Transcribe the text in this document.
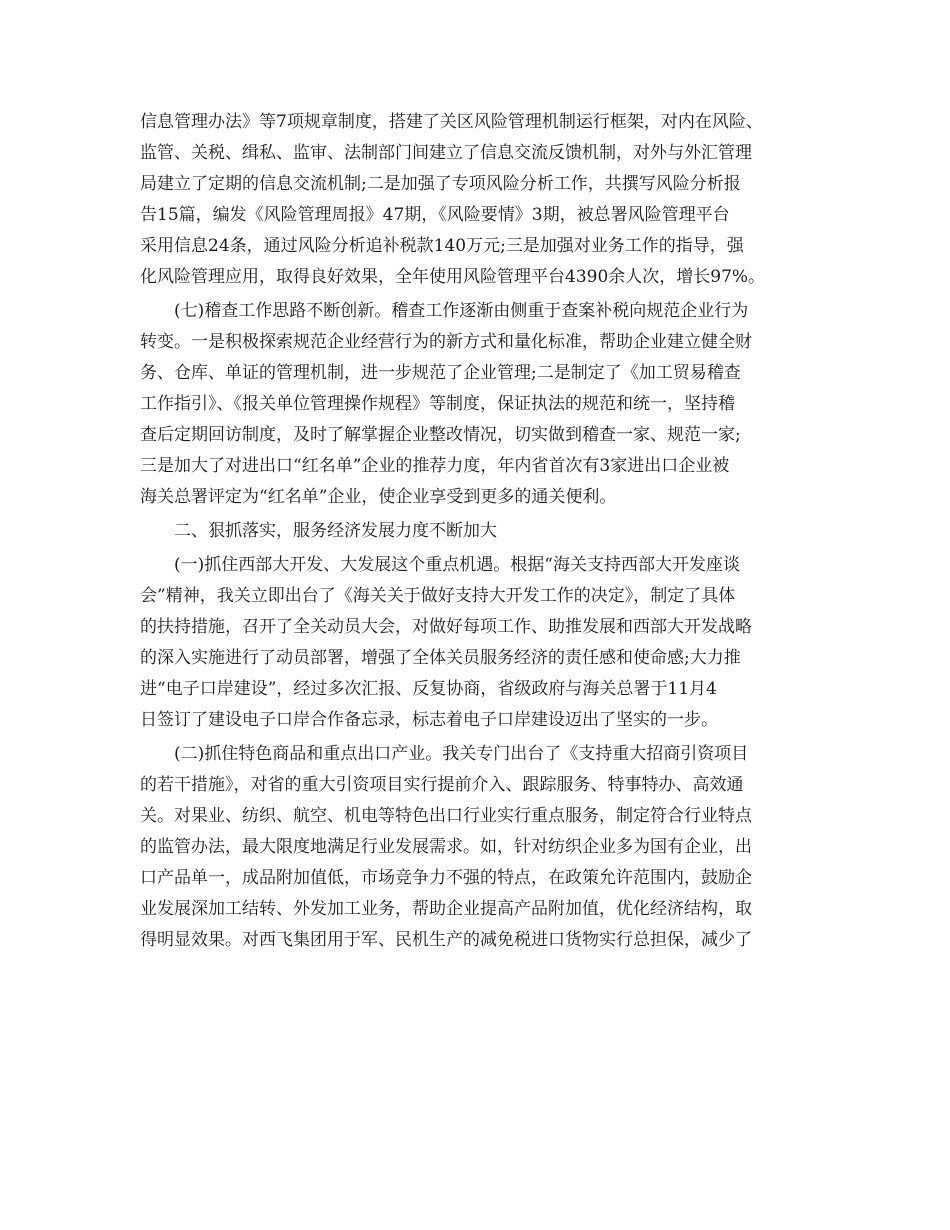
信息管理办法》等7项规章制度，搭建了关区风险管理机制运行框架，对内在风险、
监管、关税、缉私、监审、法制部门间建立了信息交流反馈机制，对外与外汇管理
局建立了定期的信息交流机制;二是加强了专项风险分析工作，共撰写风险分析报
告15篇，编发《风险管理周报》47期，《风险要情》3期，被总署风险管理平台
采用信息24条，通过风险分析追补税款140万元;三是加强对业务工作的指导，强
化风险管理应用，取得良好效果，全年使用风险管理平台4390余人次，增长97%。
(七)稽查工作思路不断创新。稽查工作逐渐由侧重于查案补税向规范企业行为
转变。一是积极探索规范企业经营行为的新方式和量化标准，帮助企业建立健全财
务、仓库、单证的管理机制，进一步规范了企业管理;二是制定了《加工贸易稽查
工作指引》、《报关单位管理操作规程》等制度，保证执法的规范和统一，坚持稽
查后定期回访制度，及时了解掌握企业整改情况，切实做到稽查一家、规范一家;
三是加大了对进出口“红名单”企业的推荐力度，年内省首次有3家进出口企业被
海关总署评定为“红名单”企业，使企业享受到更多的通关便利。
二、狠抓落实，服务经济发展力度不断加大
(一)抓住西部大开发、大发展这个重点机遇。根据“海关支持西部大开发座谈
会”精神，我关立即出台了《海关关于做好支持大开发工作的决定》，制定了具体
的扶持措施，召开了全关动员大会，对做好每项工作、助推发展和西部大开发战略
的深入实施进行了动员部署，增强了全体关员服务经济的责任感和使命感;大力推
进“电子口岸建设”，经过多次汇报、反复协商，省级政府与海关总署于11月4
日签订了建设电子口岸合作备忘录，标志着电子口岸建设迈出了坚实的一步。
(二)抓住特色商品和重点出口产业。我关专门出台了《支持重大招商引资项目
的若干措施》，对省的重大引资项目实行提前介入、跟踪服务、特事特办、高效通
关。对果业、纺织、航空、机电等特色出口行业实行重点服务，制定符合行业特点
的监管办法，最大限度地满足行业发展需求。如，针对纺织企业多为国有企业，出
口产品单一，成品附加值低，市场竞争力不强的特点，在政策允许范围内，鼓励企
业发展深加工结转、外发加工业务，帮助企业提高产品附加值，优化经济结构，取
得明显效果。对西飞集团用于军、民机生产的减免税进口货物实行总担保，减少了
